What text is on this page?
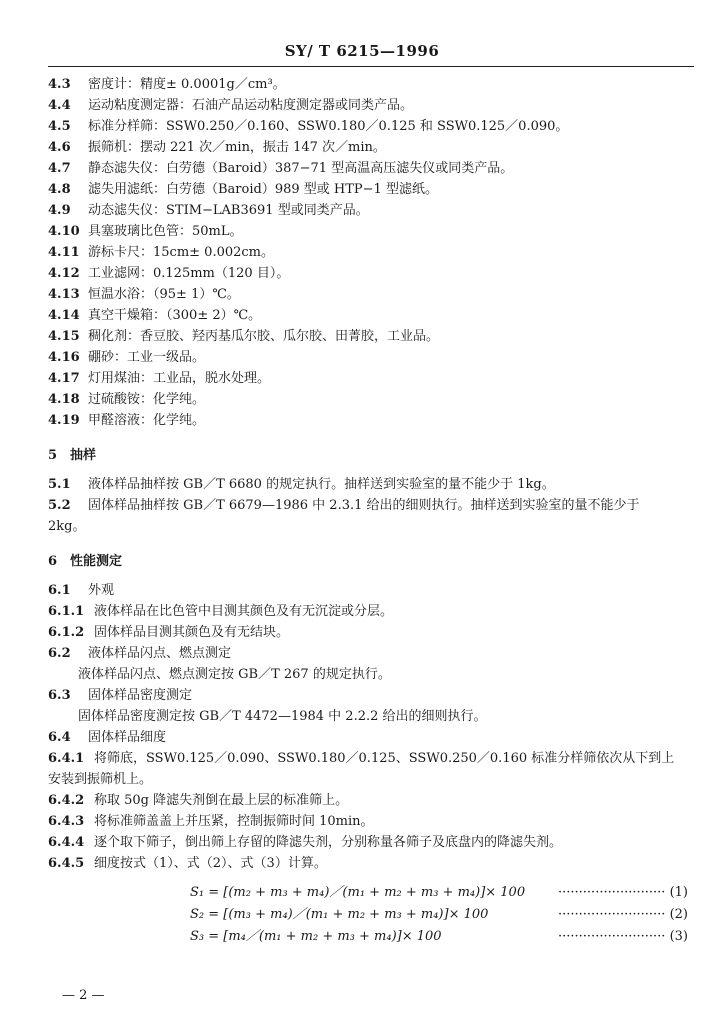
SY/ T 6215—1996
4.3 密度计：精度± 0.0001g／cm³。
4.4 运动粘度测定器：石油产品运动粘度测定器或同类产品。
4.5 标准分样筛：SSW0.250／0.160、SSW0.180／0.125 和 SSW0.125／0.090。
4.6 振筛机：摆动 221 次／min，振击 147 次／min。
4.7 静态滤失仪：白劳德（Baroid）387−71 型高温高压滤失仪或同类产品。
4.8 滤失用滤纸：白劳德（Baroid）989 型或 HTP−1 型滤纸。
4.9 动态滤失仪：STIM−LAB3691 型或同类产品。
4.10 具塞玻璃比色管：50mL。
4.11 游标卡尺：15cm± 0.002cm。
4.12 工业滤网：0.125mm（120 目）。
4.13 恒温水浴：（95± 1）℃。
4.14 真空干燥箱：（300± 2）℃。
4.15 稠化剂：香豆胶、羟丙基瓜尔胶、瓜尔胶、田菁胶，工业品。
4.16 硼砂：工业一级品。
4.17 灯用煤油：工业品，脱水处理。
4.18 过硫酸铵：化学纯。
4.19 甲醛溶液：化学纯。
5 抽样
5.1 液体样品抽样按 GB／T 6680 的规定执行。抽样送到实验室的量不能少于 1kg。
5.2 固体样品抽样按 GB／T 6679—1986 中 2.3.1 给出的细则执行。抽样送到实验室的量不能少于
2kg。
6 性能测定
6.1 外观
6.1.1 液体样品在比色管中目测其颜色及有无沉淀或分层。
6.1.2 固体样品目测其颜色及有无结块。
6.2 液体样品闪点、燃点测定
液体样品闪点、燃点测定按 GB／T 267 的规定执行。
6.3 固体样品密度测定
固体样品密度测定按 GB／T 4472—1984 中 2.2.2 给出的细则执行。
6.4 固体样品细度
6.4.1 将筛底，SSW0.125／0.090、SSW0.180／0.125、SSW0.250／0.160 标准分样筛依次从下到上
安装到振筛机上。
6.4.2 称取 50g 降滤失剂倒在最上层的标准筛上。
6.4.3 将标准筛盖盖上并压紧，控制振筛时间 10min。
6.4.4 逐个取下筛子，倒出筛上存留的降滤失剂，分别称量各筛子及底盘内的降滤失剂。
6.4.5 细度按式（1）、式（2）、式（3）计算。
S₁ = [(m₂ + m₃ + m₄)／(m₁ + m₂ + m₃ + m₄)]× 100	·························· (1)
S₂ = [(m₃ + m₄)／(m₁ + m₂ + m₃ + m₄)]× 100	·························· (2)
S₃ = [m₄／(m₁ + m₂ + m₃ + m₄)]× 100	·························· (3)
— 2 —
